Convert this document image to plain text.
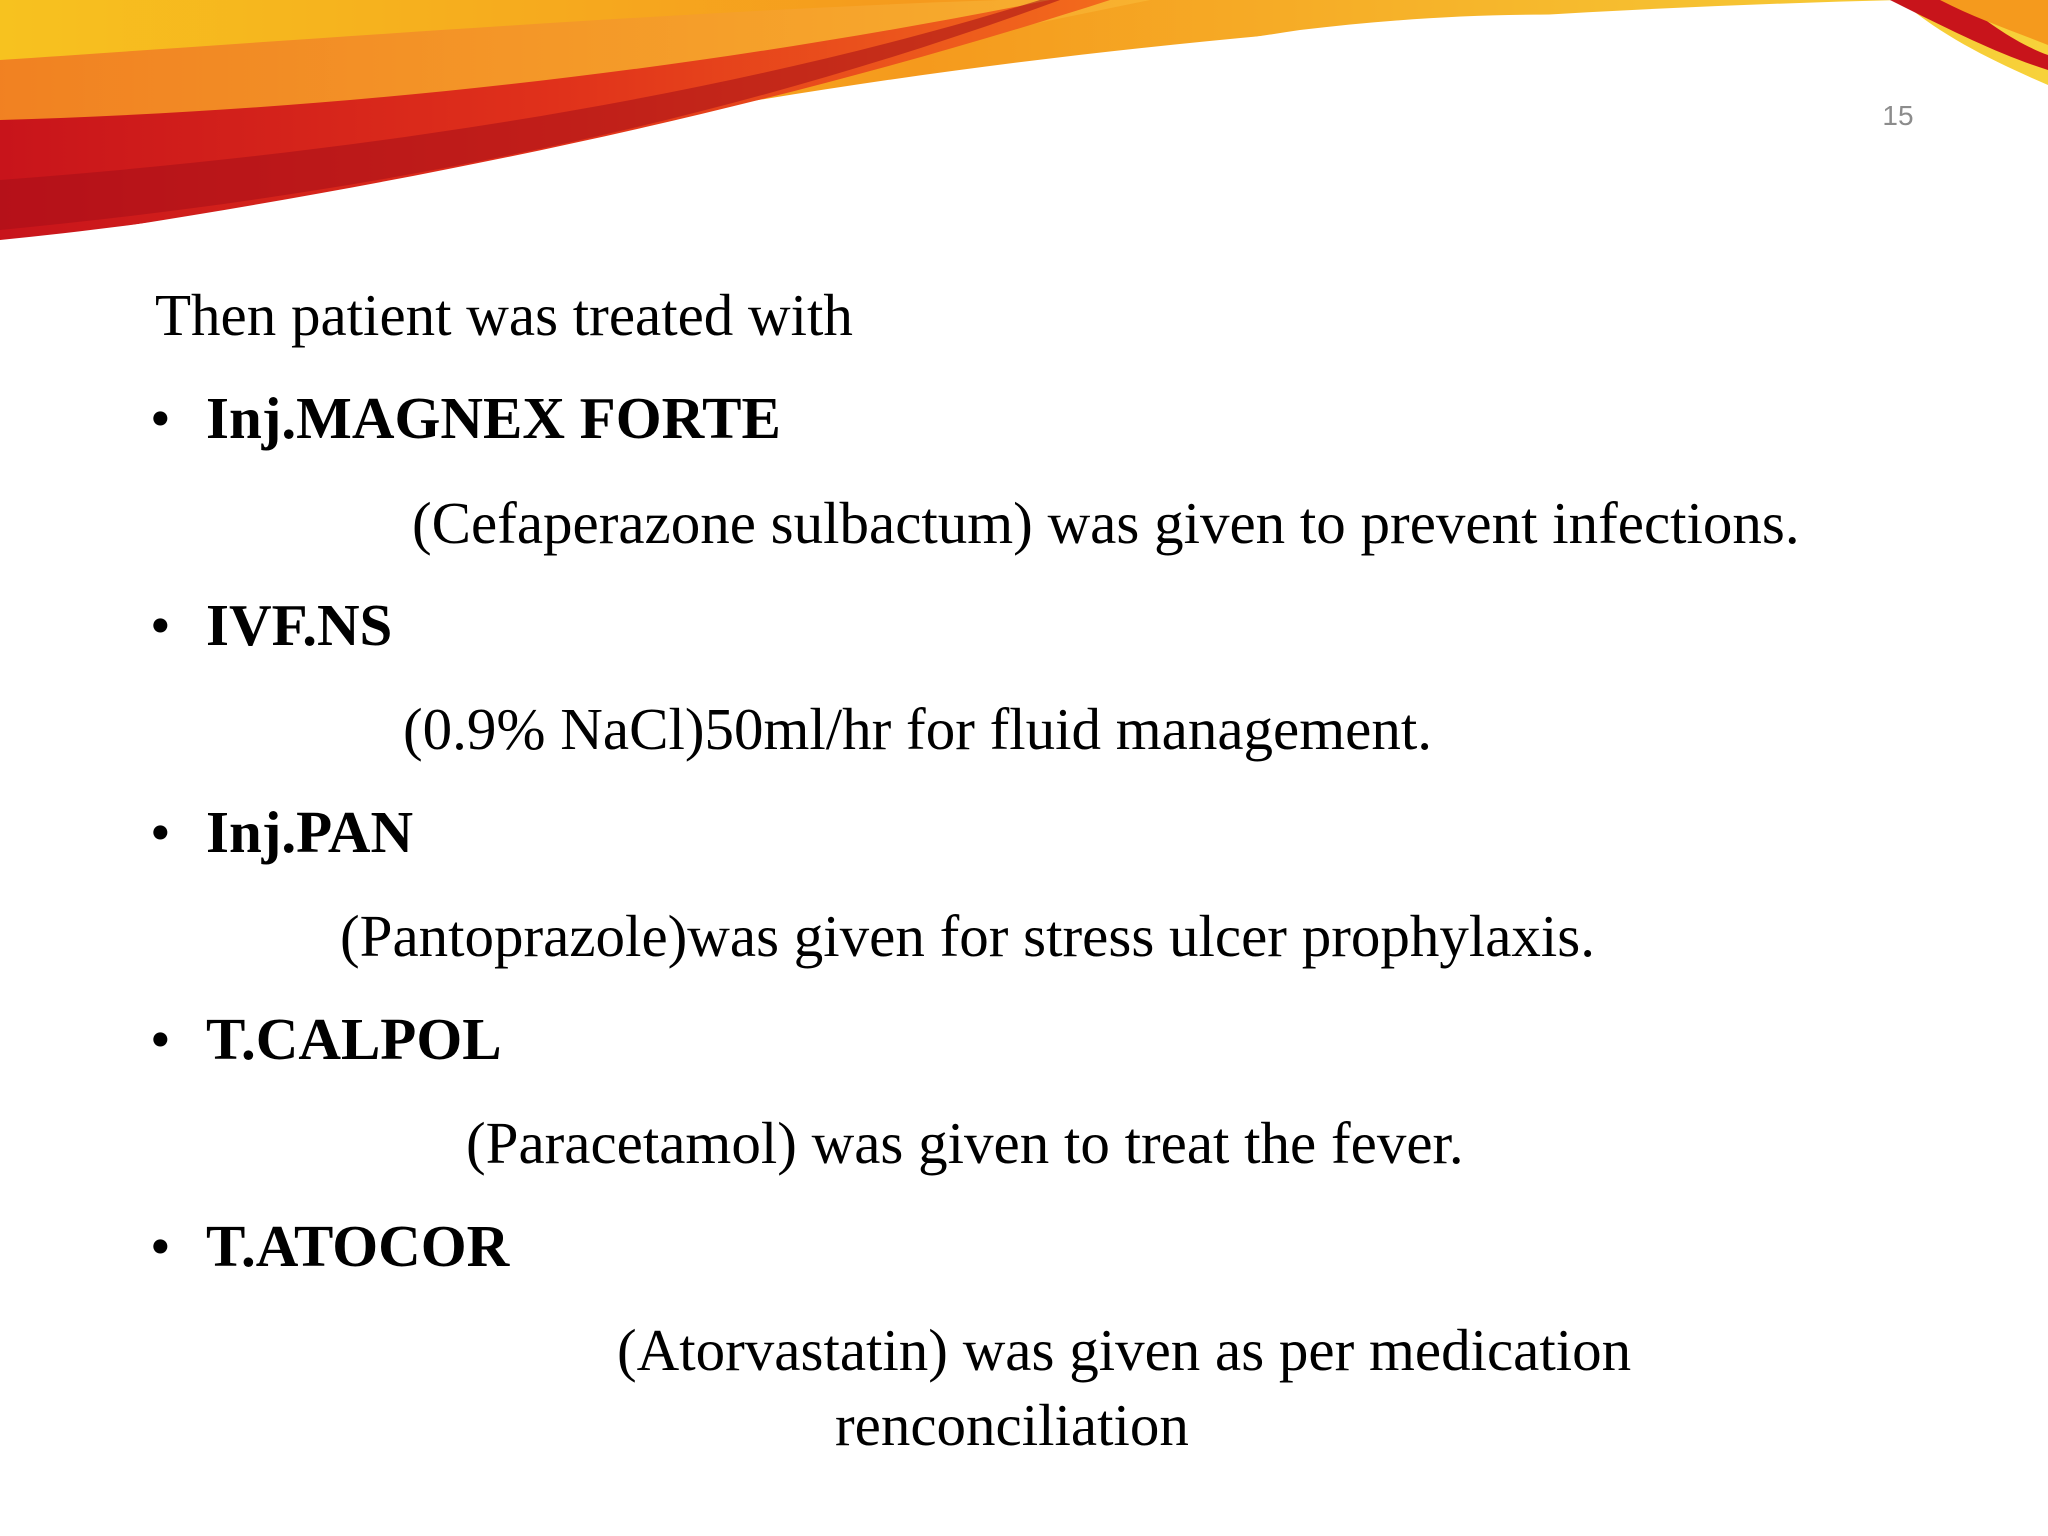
15
Then patient was treated with
• Inj.MAGNEX FORTE
(Cefaperazone sulbactum) was given to prevent infections.
• IVF.NS
(0.9% NaCl)50ml/hr for fluid management.
• Inj.PAN
(Pantoprazole)was given for stress ulcer prophylaxis.
• T.CALPOL
(Paracetamol) was given to treat the fever.
• T.ATOCOR
(Atorvastatin) was given as per medication
renconciliation
